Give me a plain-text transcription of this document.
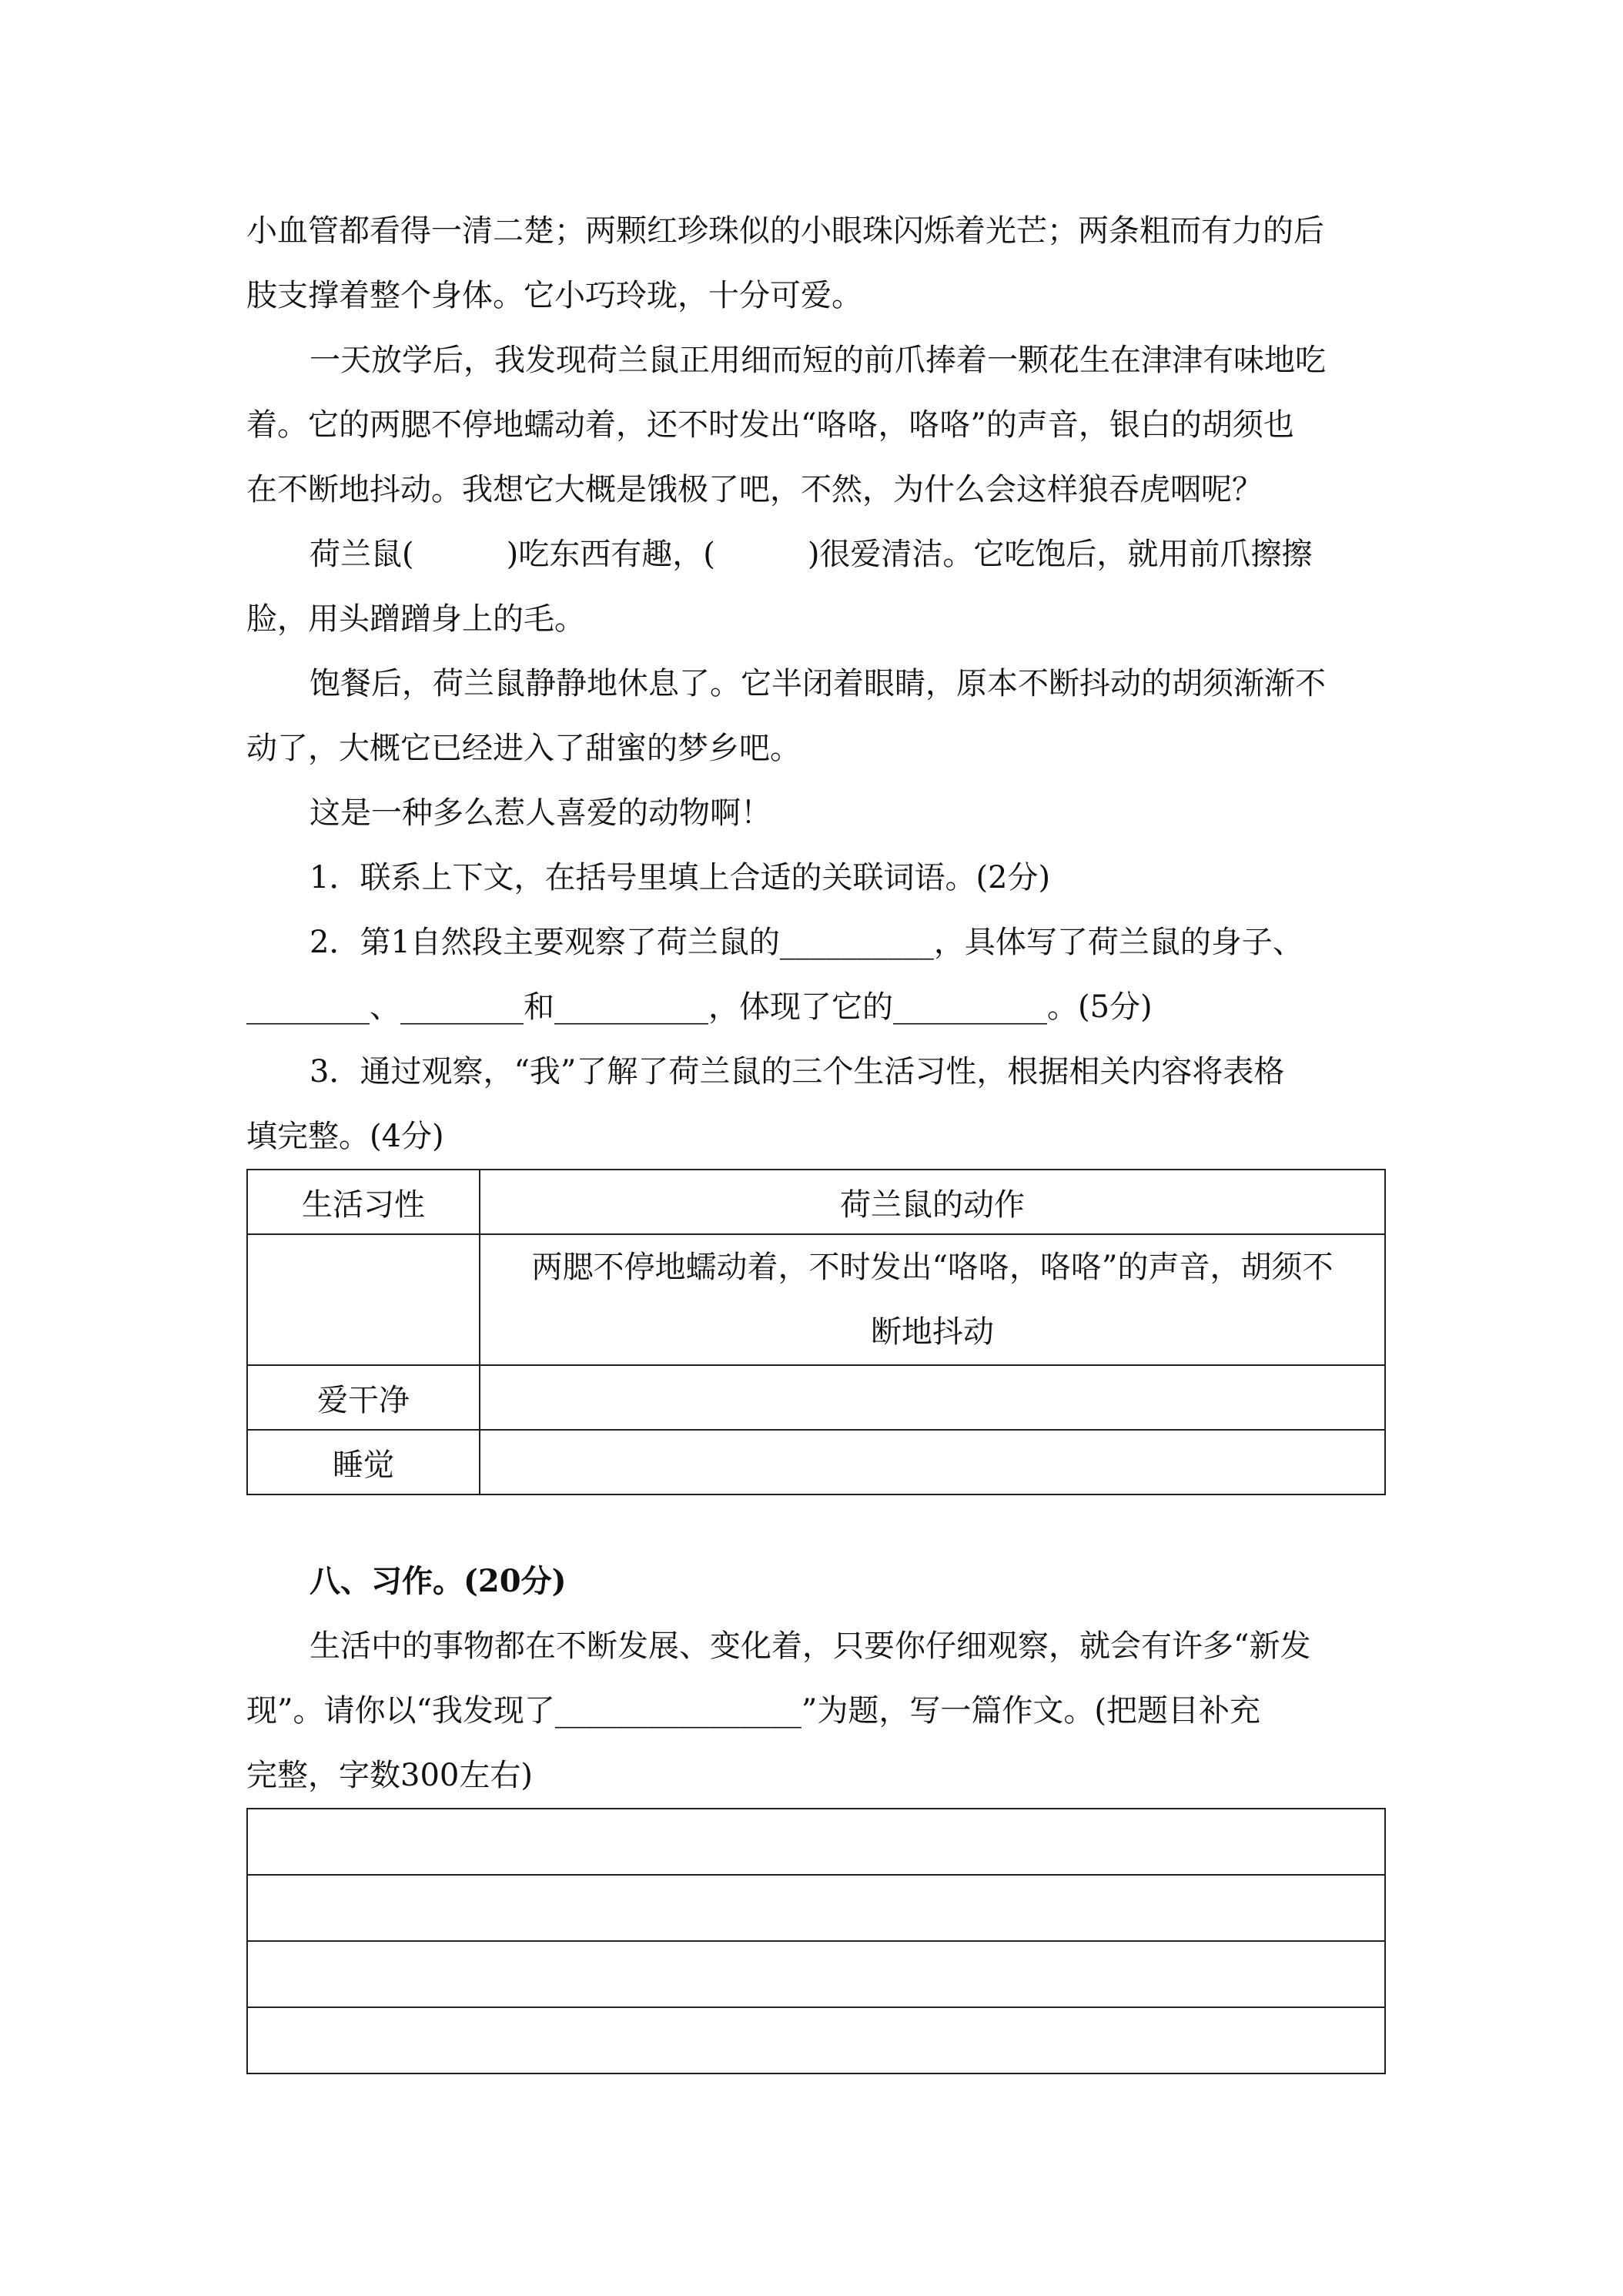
小血管都看得一清二楚；两颗红珍珠似的小眼珠闪烁着光芒；两条粗而有力的后

肢支撑着整个身体。它小巧玲珑，十分可爱。

一天放学后，我发现荷兰鼠正用细而短的前爪捧着一颗花生在津津有味地吃

着。它的两腮不停地蠕动着，还不时发出“咯咯，咯咯”的声音，银白的胡须也

在不断地抖动。我想它大概是饿极了吧，不然，为什么会这样狼吞虎咽呢？

荷兰鼠(　　　)吃东西有趣，(　　　)很爱清洁。它吃饱后，就用前爪擦擦

脸，用头蹭蹭身上的毛。

饱餐后，荷兰鼠静静地休息了。它半闭着眼睛，原本不断抖动的胡须渐渐不

动了，大概它已经进入了甜蜜的梦乡吧。

这是一种多么惹人喜爱的动物啊！

1．联系上下文，在括号里填上合适的关联词语。(2分)

2．第1自然段主要观察了荷兰鼠的__________，具体写了荷兰鼠的身子、

________、________和__________，体现了它的__________。(5分)

3．通过观察，“我”了解了荷兰鼠的三个生活习性，根据相关内容将表格

填完整。(4分)

生活习性	荷兰鼠的动作

	两腮不停地蠕动着，不时发出“咯咯，咯咯”的声音，胡须不
断地抖动

爱干净	
睡觉	

八、习作。(20分)

生活中的事物都在不断发展、变化着，只要你仔细观察，就会有许多“新发

现”。请你以“我发现了________________”为题，写一篇作文。(把题目补充

完整，字数300左右)
